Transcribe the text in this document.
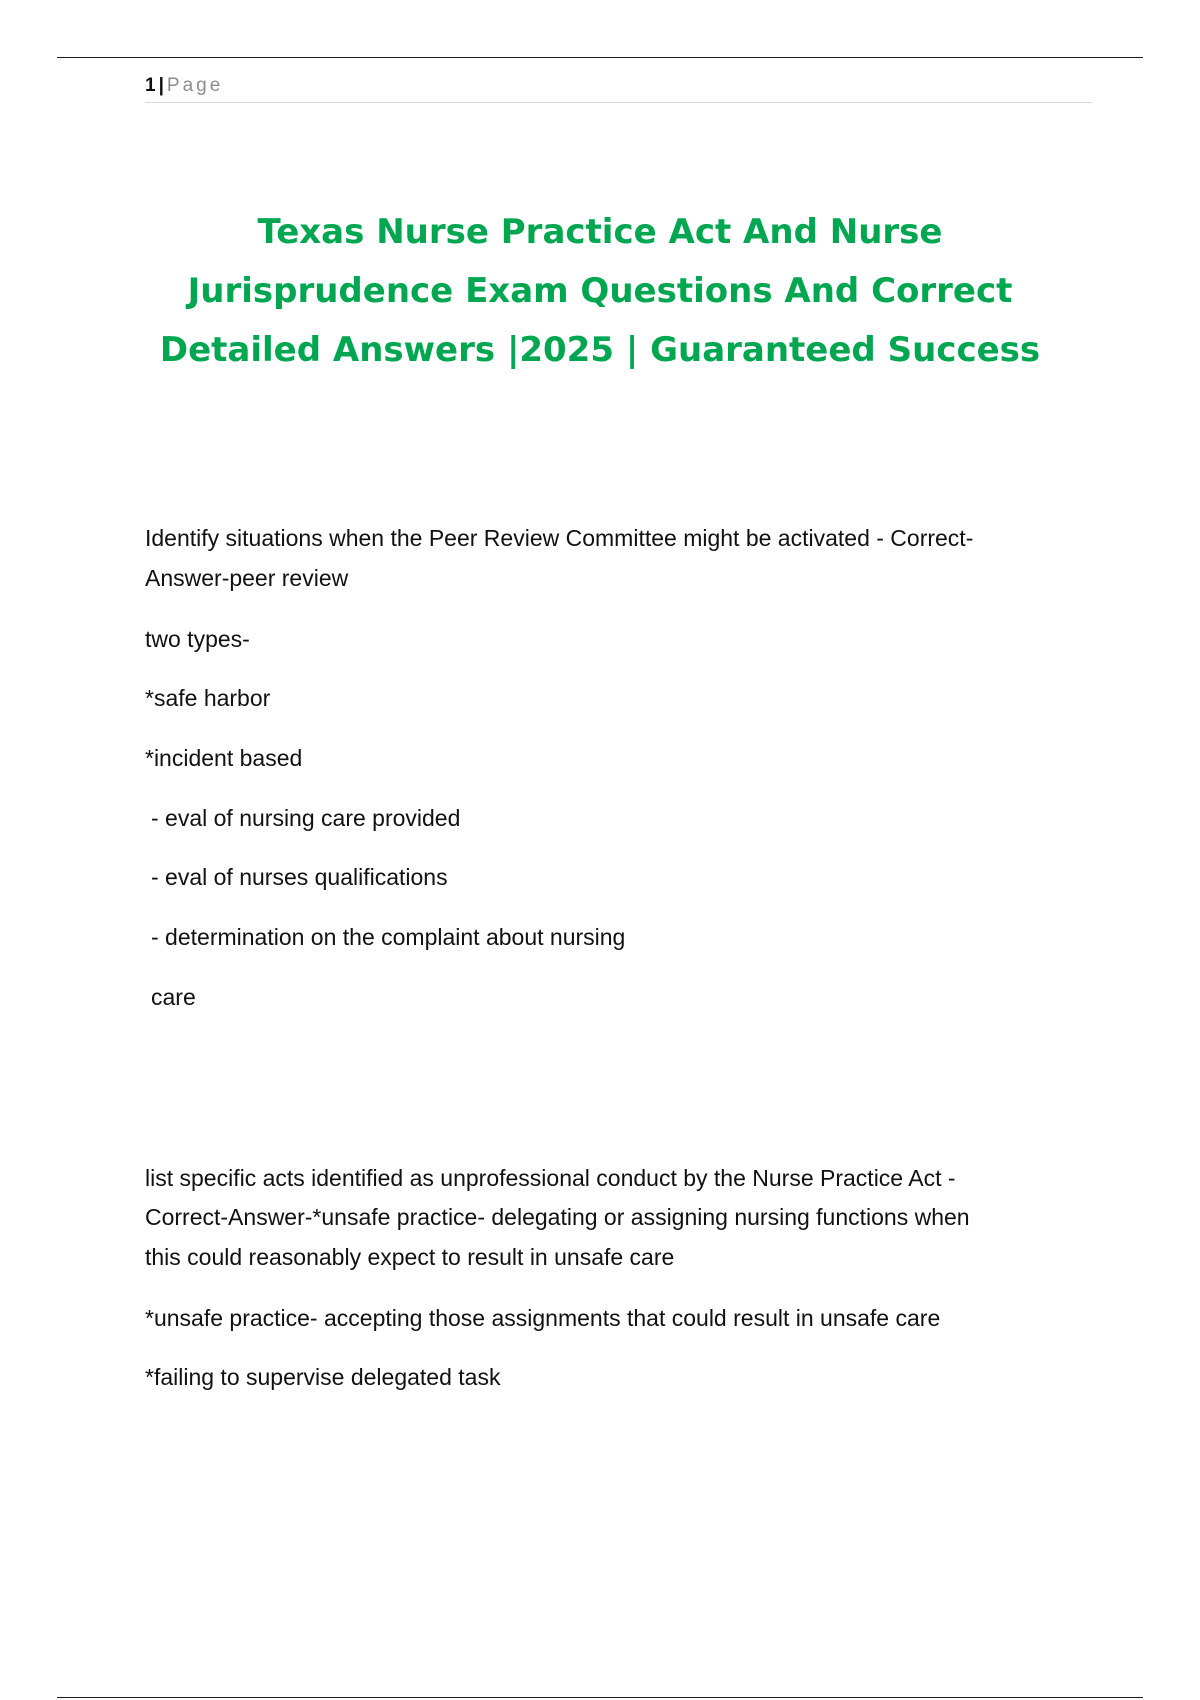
1 | Page
Texas Nurse Practice Act And Nurse
Jurisprudence Exam Questions And Correct
Detailed Answers |2025 | Guaranteed Success

Identify situations when the Peer Review Committee might be activated - Correct-

Answer-peer review

two types-

*safe harbor

*incident based

- eval of nursing care provided

- eval of nurses qualifications

- determination on the complaint about nursing

care

list specific acts identified as unprofessional conduct by the Nurse Practice Act -

Correct-Answer-*unsafe practice- delegating or assigning nursing functions when

this could reasonably expect to result in unsafe care

*unsafe practice- accepting those assignments that could result in unsafe care

*failing to supervise delegated task
